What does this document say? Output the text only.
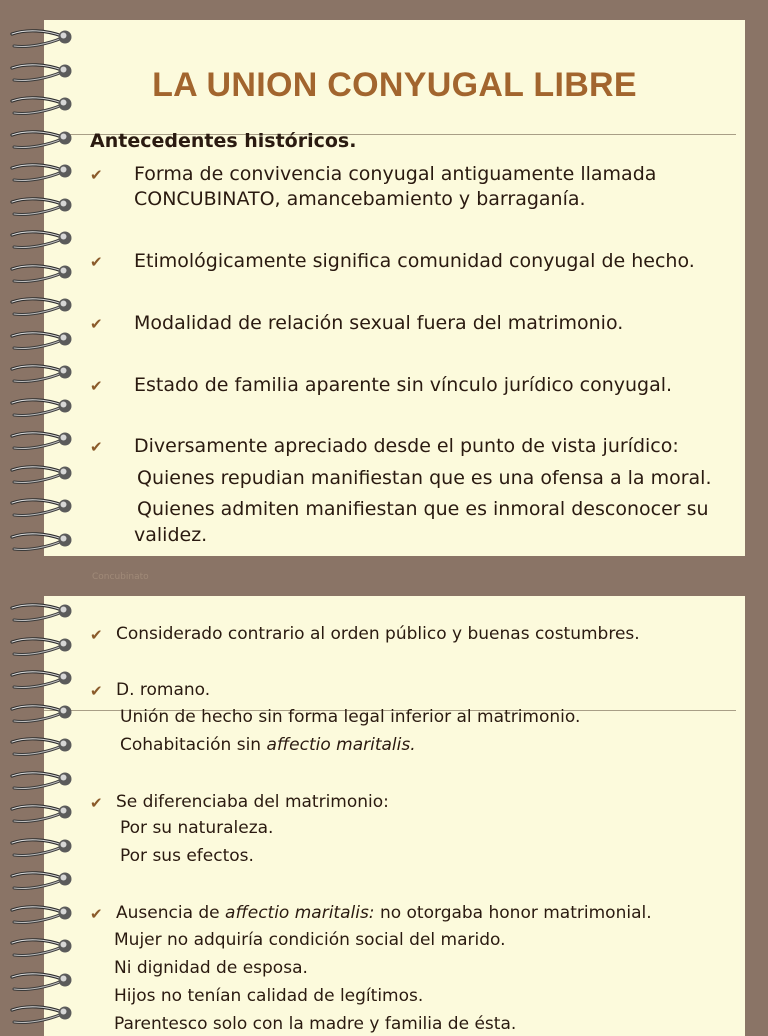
LA UNION CONYUGAL LIBRE
Antecedentes históricos.
✔ Forma de convivencia conyugal antiguamente llamada
CONCUBINATO, amancebamiento y barraganía.
✔ Etimológicamente significa comunidad conyugal de hecho.
✔ Modalidad de relación sexual fuera del matrimonio.
✔ Estado de familia aparente sin vínculo jurídico conyugal.
✔ Diversamente apreciado desde el punto de vista jurídico:
Quienes repudian manifiestan que es una ofensa a la moral.
Quienes admiten manifiestan que es inmoral desconocer su
validez.
Concubinato
✔ Considerado contrario al orden público y buenas costumbres.
✔ D. romano.
Unión de hecho sin forma legal inferior al matrimonio.
Cohabitación sin affectio maritalis.
✔ Se diferenciaba del matrimonio:
Por su naturaleza.
Por sus efectos.
✔ Ausencia de affectio maritalis: no otorgaba honor matrimonial.
Mujer no adquiría condición social del marido.
Ni dignidad de esposa.
Hijos no tenían calidad de legítimos.
Parentesco solo con la madre y familia de ésta.
